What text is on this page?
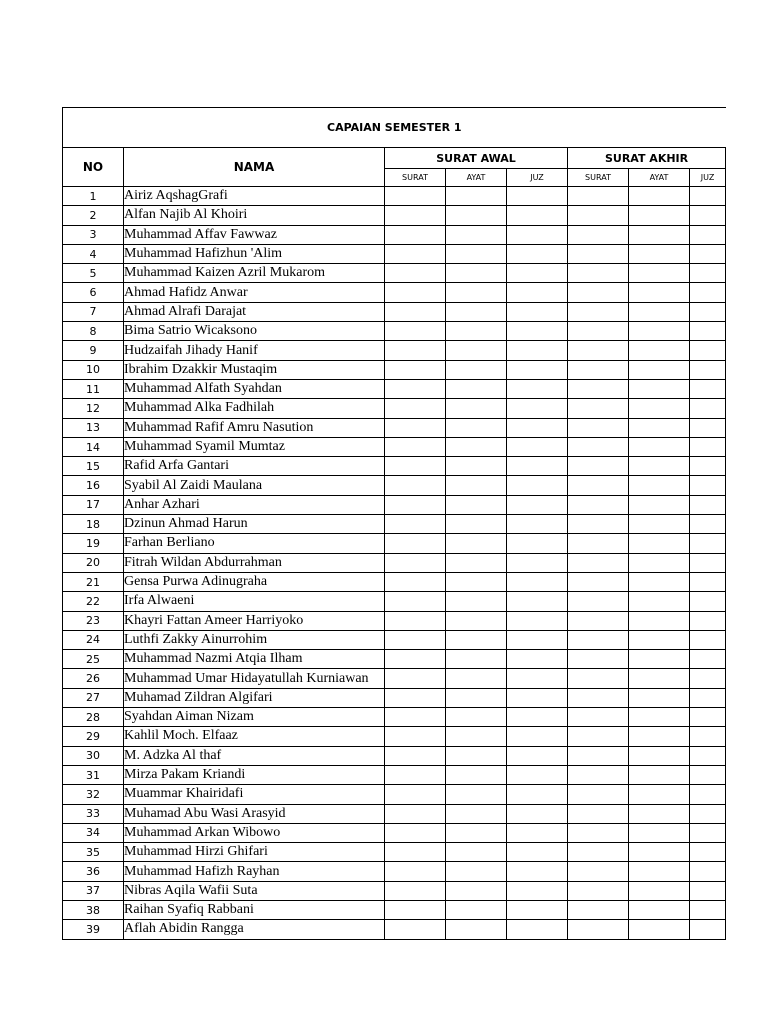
CAPAIAN SEMESTER 1							
NO	NAMA	SURAT AWAL			SURAT AKHIR		
		SURAT	AYAT	JUZ	SURAT	AYAT	JUZ
1	Airiz AqshagGrafi						
2	Alfan Najib Al Khoiri						
3	Muhammad Affav Fawwaz						
4	Muhammad Hafizhun 'Alim						
5	Muhammad Kaizen Azril Mukarom						
6	Ahmad Hafidz Anwar						
7	Ahmad Alrafi Darajat						
8	Bima Satrio Wicaksono						
9	Hudzaifah Jihady Hanif						
10	Ibrahim Dzakkir Mustaqim						
11	Muhammad Alfath Syahdan						
12	Muhammad Alka Fadhilah						
13	Muhammad Rafif Amru Nasution						
14	Muhammad Syamil Mumtaz						
15	Rafid Arfa Gantari						
16	Syabil Al Zaidi Maulana						
17	Anhar Azhari						
18	Dzinun Ahmad Harun						
19	Farhan Berliano						
20	Fitrah Wildan Abdurrahman						
21	Gensa Purwa Adinugraha						
22	Irfa Alwaeni						
23	Khayri Fattan Ameer Harriyoko						
24	Luthfi Zakky Ainurrohim						
25	Muhammad Nazmi Atqia Ilham						
26	Muhammad Umar Hidayatullah Kurniawan						
27	Muhamad Zildran Algifari						
28	Syahdan Aiman Nizam						
29	Kahlil Moch. Elfaaz						
30	M. Adzka Al thaf						
31	Mirza Pakam Kriandi						
32	Muammar Khairidafi						
33	Muhamad Abu Wasi Arasyid						
34	Muhammad Arkan Wibowo						
35	Muhammad Hirzi Ghifari						
36	Muhammad Hafizh Rayhan						
37	Nibras Aqila Wafii Suta						
38	Raihan Syafiq Rabbani						
39	Aflah Abidin Rangga						
